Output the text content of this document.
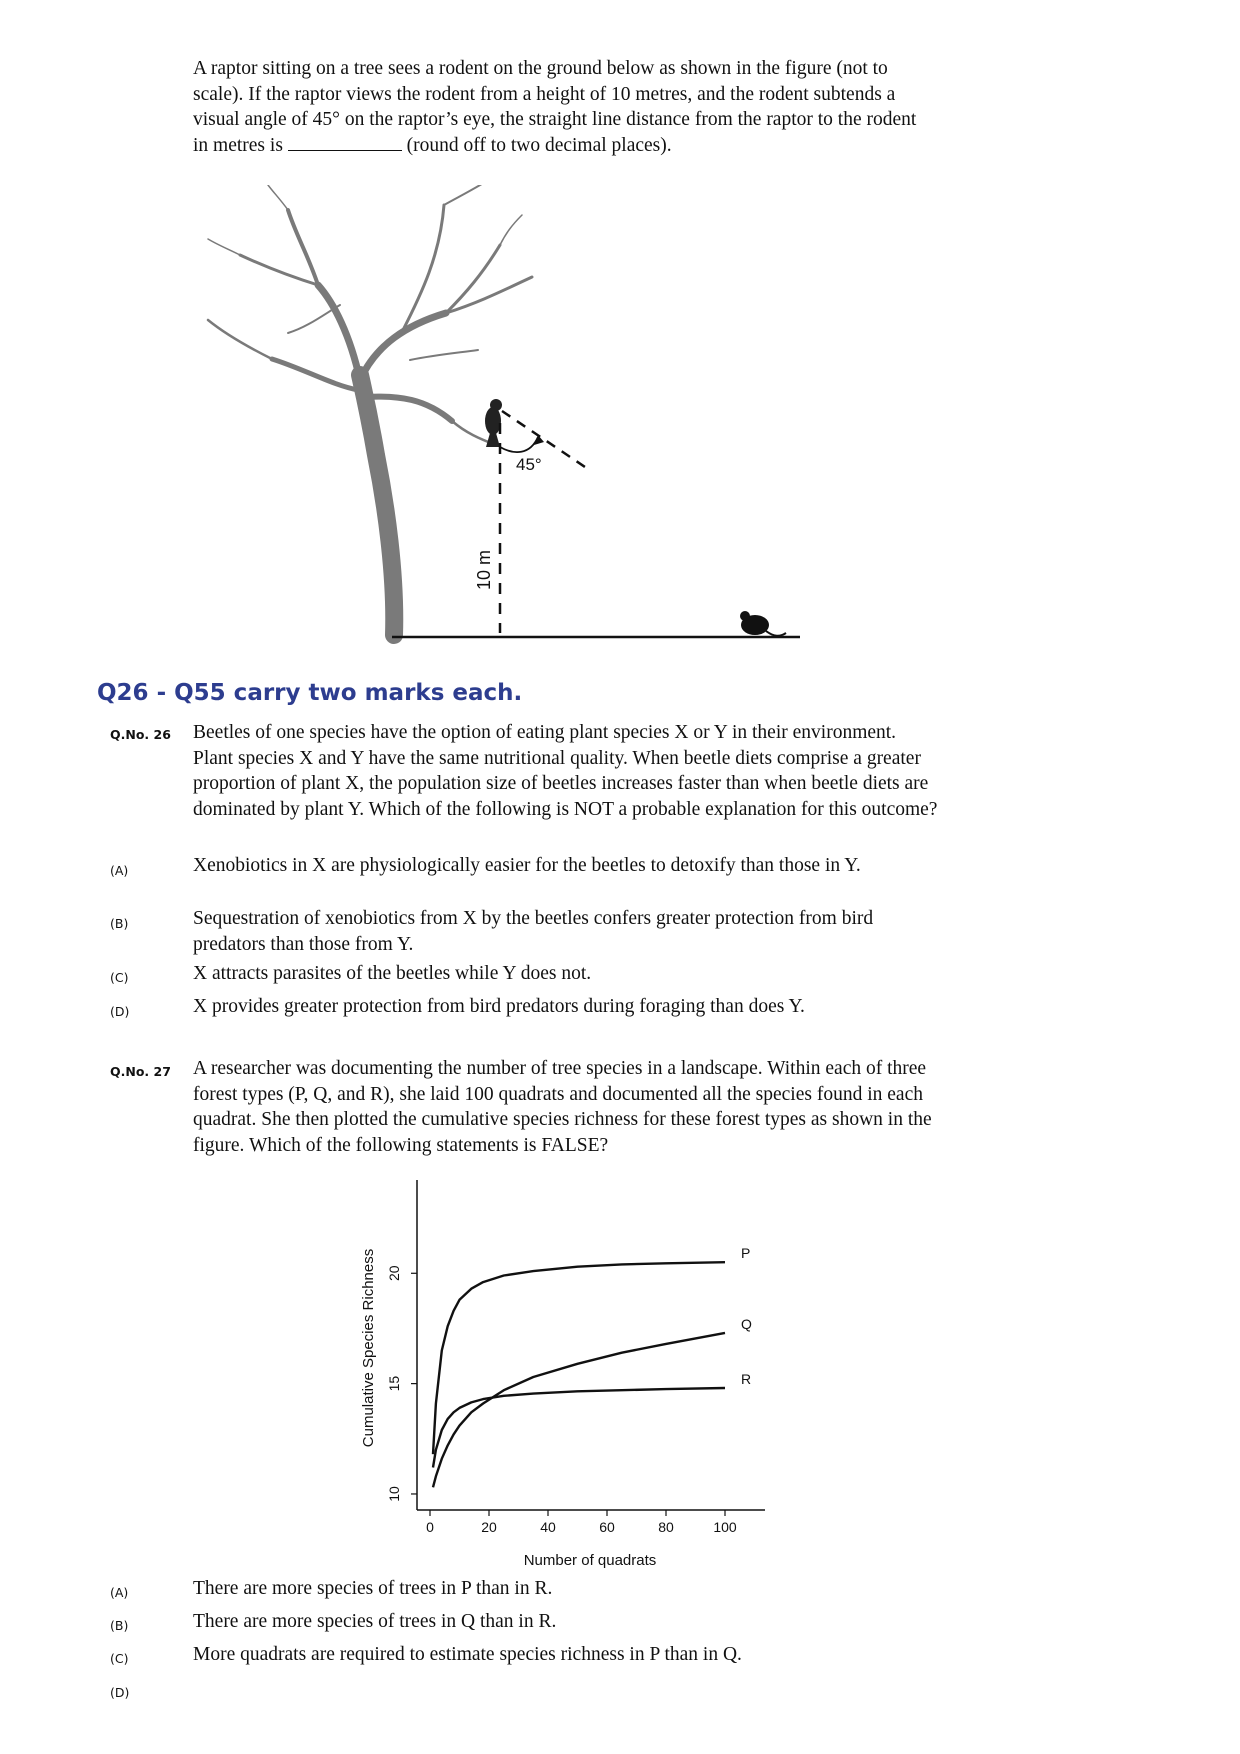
A raptor sitting on a tree sees a rodent on the ground below as shown in the figure (not to scale). If the raptor views the rodent from a height of 10 metres, and the rodent subtends a visual angle of 45° on the raptor’s eye, the straight line distance from the raptor to the rodent in metres is	(round off to two decimal places).
45°
10 m
Q26 - Q55 carry two marks each.
Q.No. 26 Beetles of one species have the option of eating plant species X or Y in their environment. Plant species X and Y have the same nutritional quality. When beetle diets comprise a greater proportion of plant X, the population size of beetles increases faster than when beetle diets are dominated by plant Y. Which of the following is NOT a probable explanation for this outcome?
(A)	Xenobiotics in X are physiologically easier for the beetles to detoxify than those in Y.
(B)	Sequestration of xenobiotics from X by the beetles confers greater protection from bird predators than those from Y.
(C)	X attracts parasites of the beetles while Y does not.
(D)	X provides greater protection from bird predators during foraging than does Y.
Q.No. 27 A researcher was documenting the number of tree species in a landscape. Within each of three forest types (P, Q, and R), she laid 100 quadrats and documented all the species found in each quadrat. She then plotted the cumulative species richness for these forest types as shown in the figure. Which of the following statements is FALSE?
0	20	40	60	80	100
10
15
20
P
Q
R
Number of quadrats
Cumulative Species Richness
(A)	There are more species of trees in P than in R.
(B)	There are more species of trees in Q than in R.
(C)	More quadrats are required to estimate species richness in P than in Q.
(D)
